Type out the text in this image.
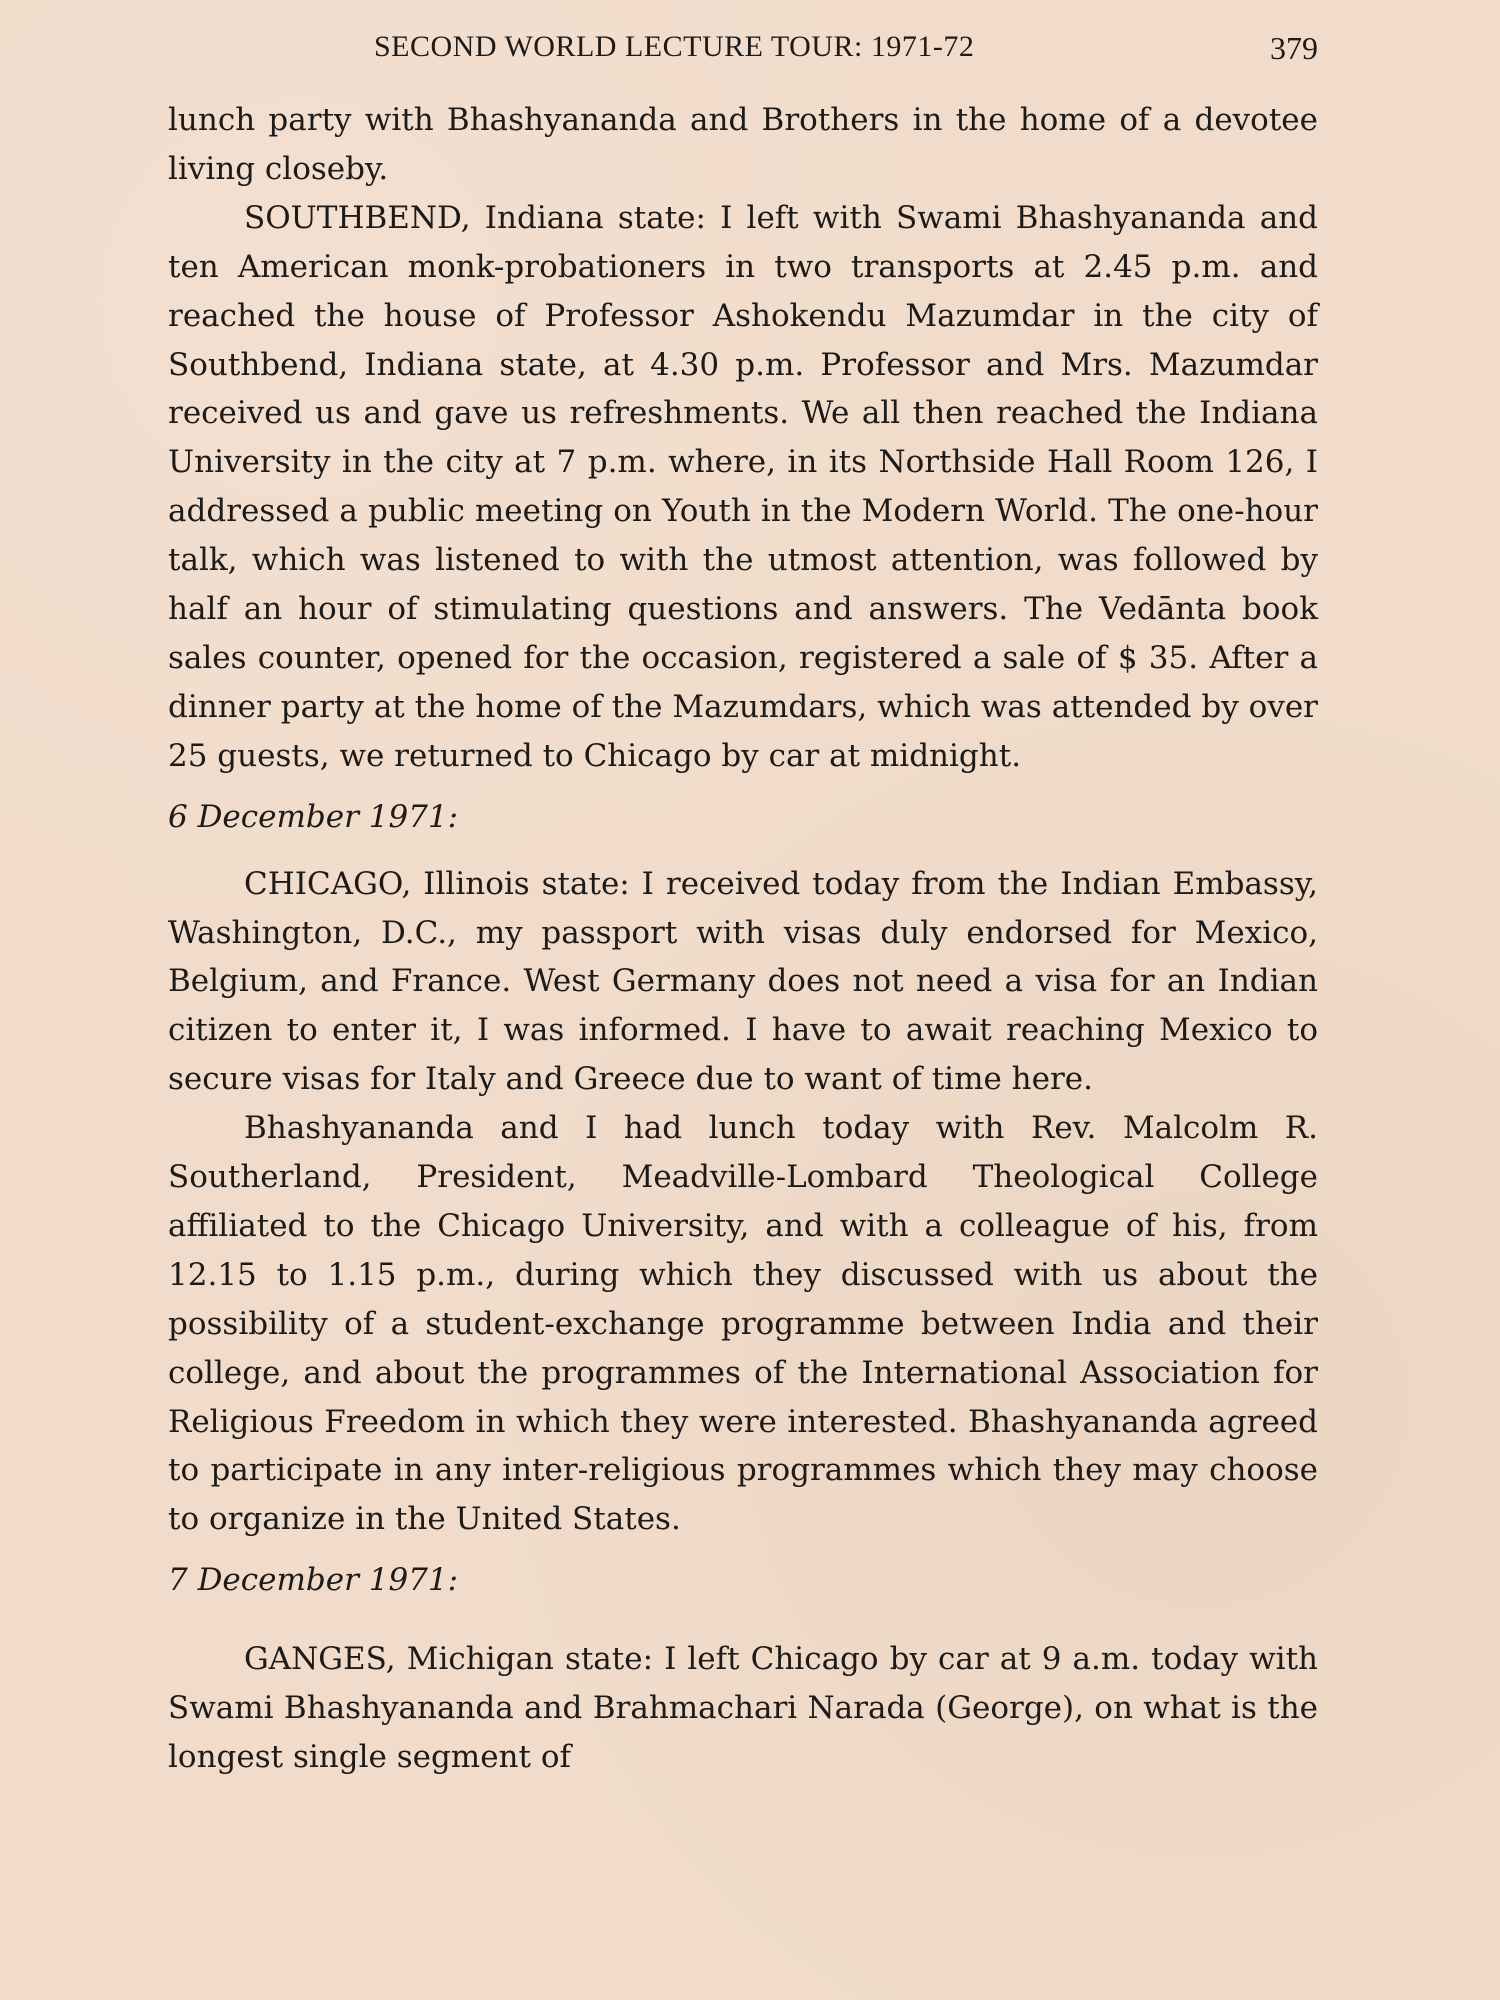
SECOND WORLD LECTURE TOUR: 1971-72	379

lunch party with Bhashyananda and Brothers in the home of a devotee living closeby.

SOUTHBEND, Indiana state: I left with Swami Bhashyananda and ten American monk-probationers in two transports at 2.45 p.m. and reached the house of Professor Ashokendu Mazumdar in the city of Southbend, Indiana state, at 4.30 p.m. Professor and Mrs. Mazumdar received us and gave us refreshments. We all then reached the Indiana University in the city at 7 p.m. where, in its Northside Hall Room 126, I addressed a public meeting on Youth in the Modern World. The one-hour talk, which was listened to with the utmost attention, was followed by half an hour of stimulating questions and answers. The Vedānta book sales counter, opened for the occasion, registered a sale of $ 35. After a dinner party at the home of the Mazumdars, which was attended by over 25 guests, we returned to Chicago by car at midnight.

6 December 1971:

CHICAGO, Illinois state: I received today from the Indian Embassy, Washington, D.C., my passport with visas duly endorsed for Mexico, Belgium, and France. West Germany does not need a visa for an Indian citizen to enter it, I was informed. I have to await reaching Mexico to secure visas for Italy and Greece due to want of time here.

Bhashyananda and I had lunch today with Rev. Malcolm R. Southerland, President, Meadville-Lombard Theological College affiliated to the Chicago University, and with a colleague of his, from 12.15 to 1.15 p.m., during which they discussed with us about the possibility of a student-exchange programme between India and their college, and about the programmes of the International Association for Religious Freedom in which they were interested. Bhashyananda agreed to participate in any inter-religious programmes which they may choose to organize in the United States.

7 December 1971:

GANGES, Michigan state: I left Chicago by car at 9 a.m. today with Swami Bhashyananda and Brahmachari Narada (George), on what is the longest single segment of
